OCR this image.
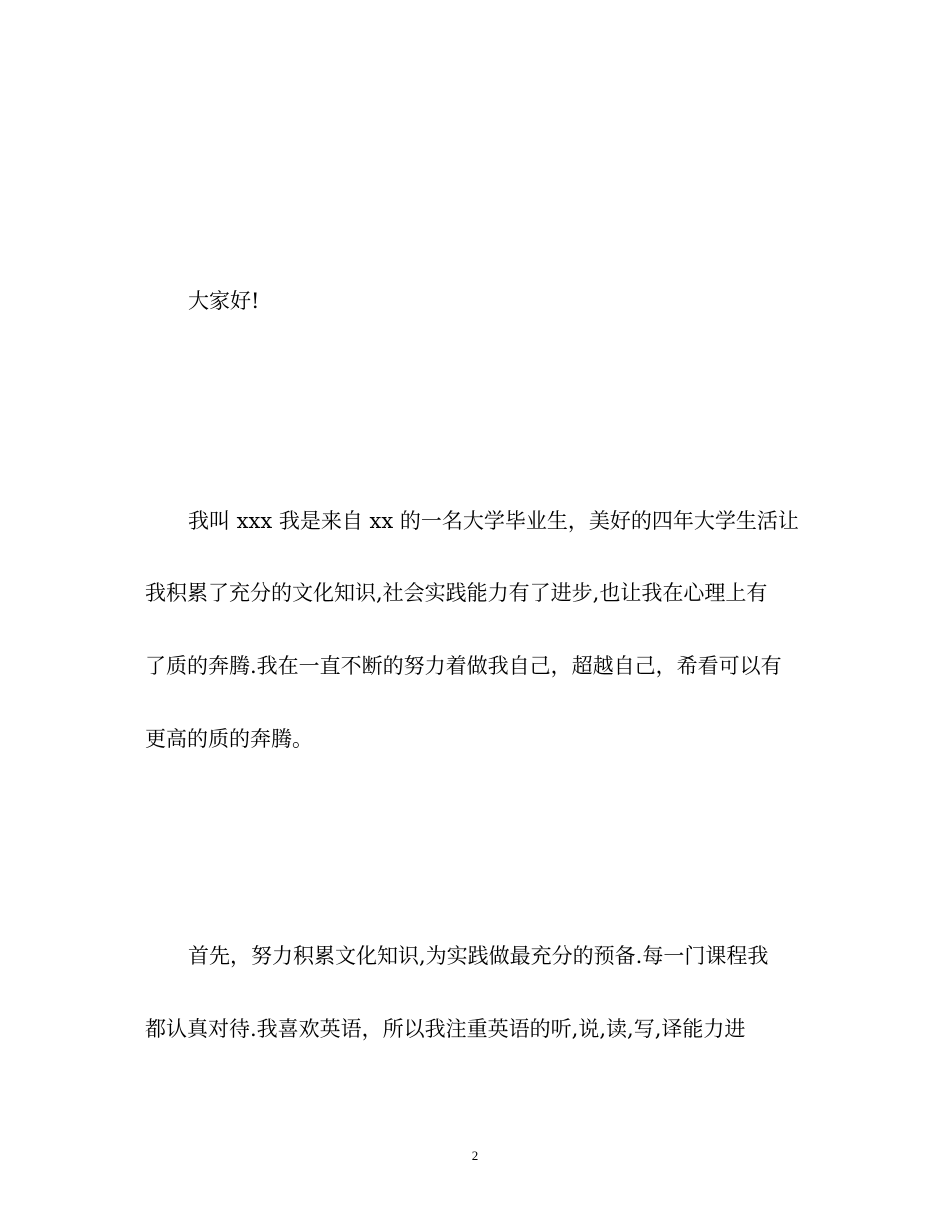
大家好!
我叫 xxx 我是来自 xx 的一名大学毕业生，美好的四年大学生活让
我积累了充分的文化知识,社会实践能力有了进步,也让我在心理上有
了质的奔腾.我在一直不断的努力着做我自己，超越自己，希看可以有
更高的质的奔腾。
首先，努力积累文化知识,为实践做最充分的预备.每一门课程我
都认真对待.我喜欢英语，所以我注重英语的听,说,读,写,译能力进
2
